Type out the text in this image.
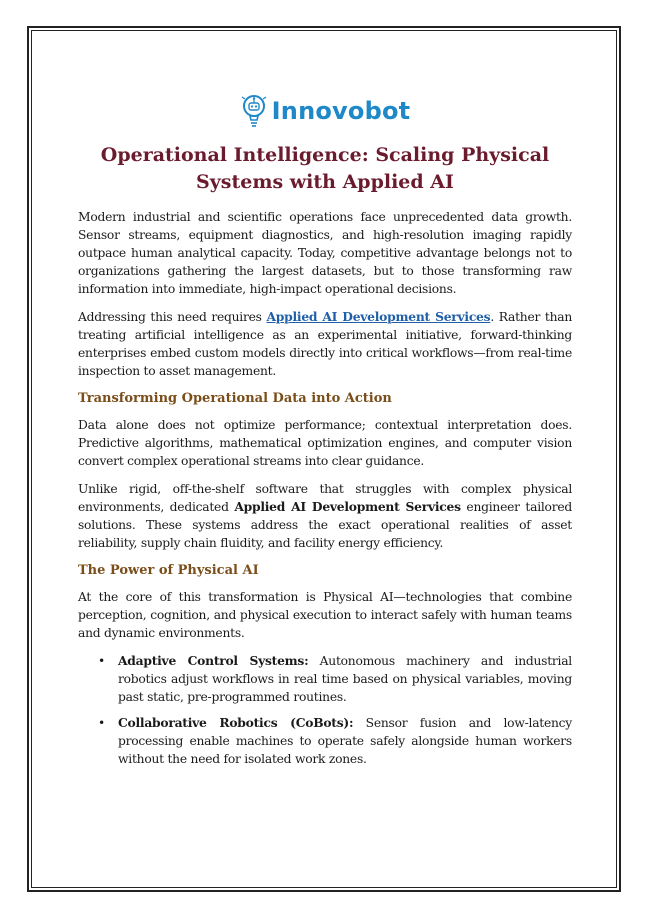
Innovobot
Operational Intelligence: Scaling Physical Systems with Applied AI

Modern industrial and scientific operations face unprecedented data growth. Sensor streams, equipment diagnostics, and high-resolution imaging rapidly outpace human analytical capacity. Today, competitive advantage belongs not to organizations gathering the largest datasets, but to those transforming raw information into immediate, high-impact operational decisions.

Addressing this need requires Applied AI Development Services. Rather than treating artificial intelligence as an experimental initiative, forward-thinking enterprises embed custom models directly into critical workflows—from real-time inspection to asset management.

Transforming Operational Data into Action

Data alone does not optimize performance; contextual interpretation does. Predictive algorithms, mathematical optimization engines, and computer vision convert complex operational streams into clear guidance.

Unlike rigid, off-the-shelf software that struggles with complex physical environments, dedicated Applied AI Development Services engineer tailored solutions. These systems address the exact operational realities of asset reliability, supply chain fluidity, and facility energy efficiency.

The Power of Physical AI

At the core of this transformation is Physical AI—technologies that combine perception, cognition, and physical execution to interact safely with human teams and dynamic environments.

• Adaptive Control Systems: Autonomous machinery and industrial robotics adjust workflows in real time based on physical variables, moving past static, pre-programmed routines.
• Collaborative Robotics (CoBots): Sensor fusion and low-latency processing enable machines to operate safely alongside human workers without the need for isolated work zones.
